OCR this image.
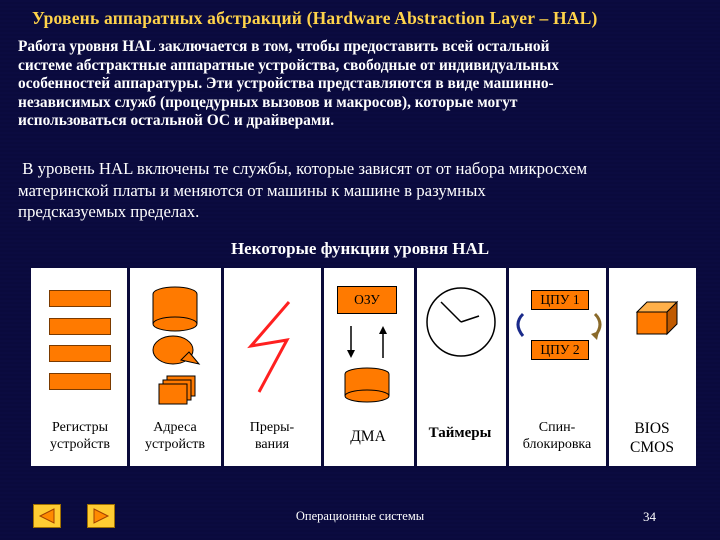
Уровень аппаратных абстракций (Hardware Abstraction Layer – HAL)
Работа уровня HAL заключается в том, чтобы предоставить всей остальной
системе абстрактные аппаратные устройства, свободные от индивидуальных
особенностей аппаратуры. Эти устройства представляются в виде машинно-
независимых служб (процедурных вызовов и макросов), которые могут
использоваться остальной ОС и драйверами.
В уровень HAL включены те службы, которые зависят от от набора микросхем
материнской платы и меняются от машины к машине в разумных
предсказуемых пределах.
Некоторые функции уровня HAL
Регистры
устройств
Адреса
устройств
Преры-
вания
ОЗУ
ДМА	Таймеры
ЦПУ 1
ЦПУ 2
Спин-
блокировка
BIOS
CMOS
Операционные системы	34
